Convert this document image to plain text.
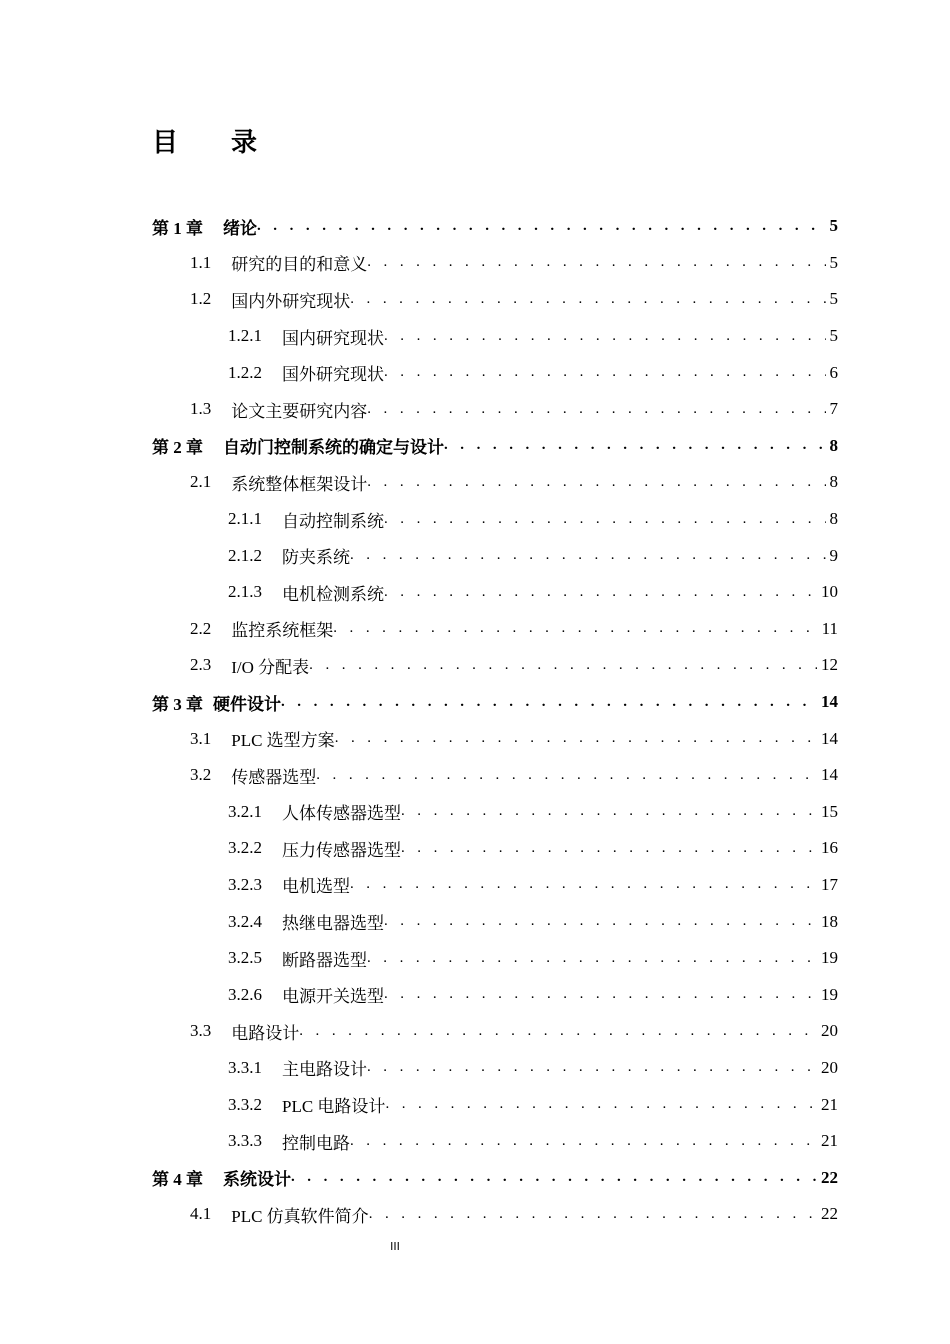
目 录
第 1 章 绪论 . . .	5
1.1 研究的目的和意义 . . .	5
1.2 国内外研究现状 . . .	5
1.2.1 国内研究现状 . . .	5
1.2.2 国外研究现状 . . .	6
1.3 论文主要研究内容 . . .	7
第 2 章 自动门控制系统的确定与设计 . . .	8
2.1 系统整体框架设计 . . .	8
2.1.1 自动控制系统 . . .	8
2.1.2 防夹系统 . . .	9
2.1.3 电机检测系统 . . .	10
2.2 监控系统框架 . . .	11
2.3 I/O 分配表 . . .	12
第 3 章 硬件设计 . . .	14
3.1 PLC 选型方案 . . .	14
3.2 传感器选型 . . .	14
3.2.1 人体传感器选型 . . .	15
3.2.2 压力传感器选型 . . .	16
3.2.3 电机选型 . . .	17
3.2.4 热继电器选型 . . .	18
3.2.5 断路器选型 . . .	19
3.2.6 电源开关选型 . . .	19
3.3 电路设计 . . .	20
3.3.1 主电路设计 . . .	20
3.3.2 PLC 电路设计 . . .	21
3.3.3 控制电路 . . .	21
第 4 章 系统设计 . . .	22
4.1 PLC 仿真软件简介 . . .	22
III
